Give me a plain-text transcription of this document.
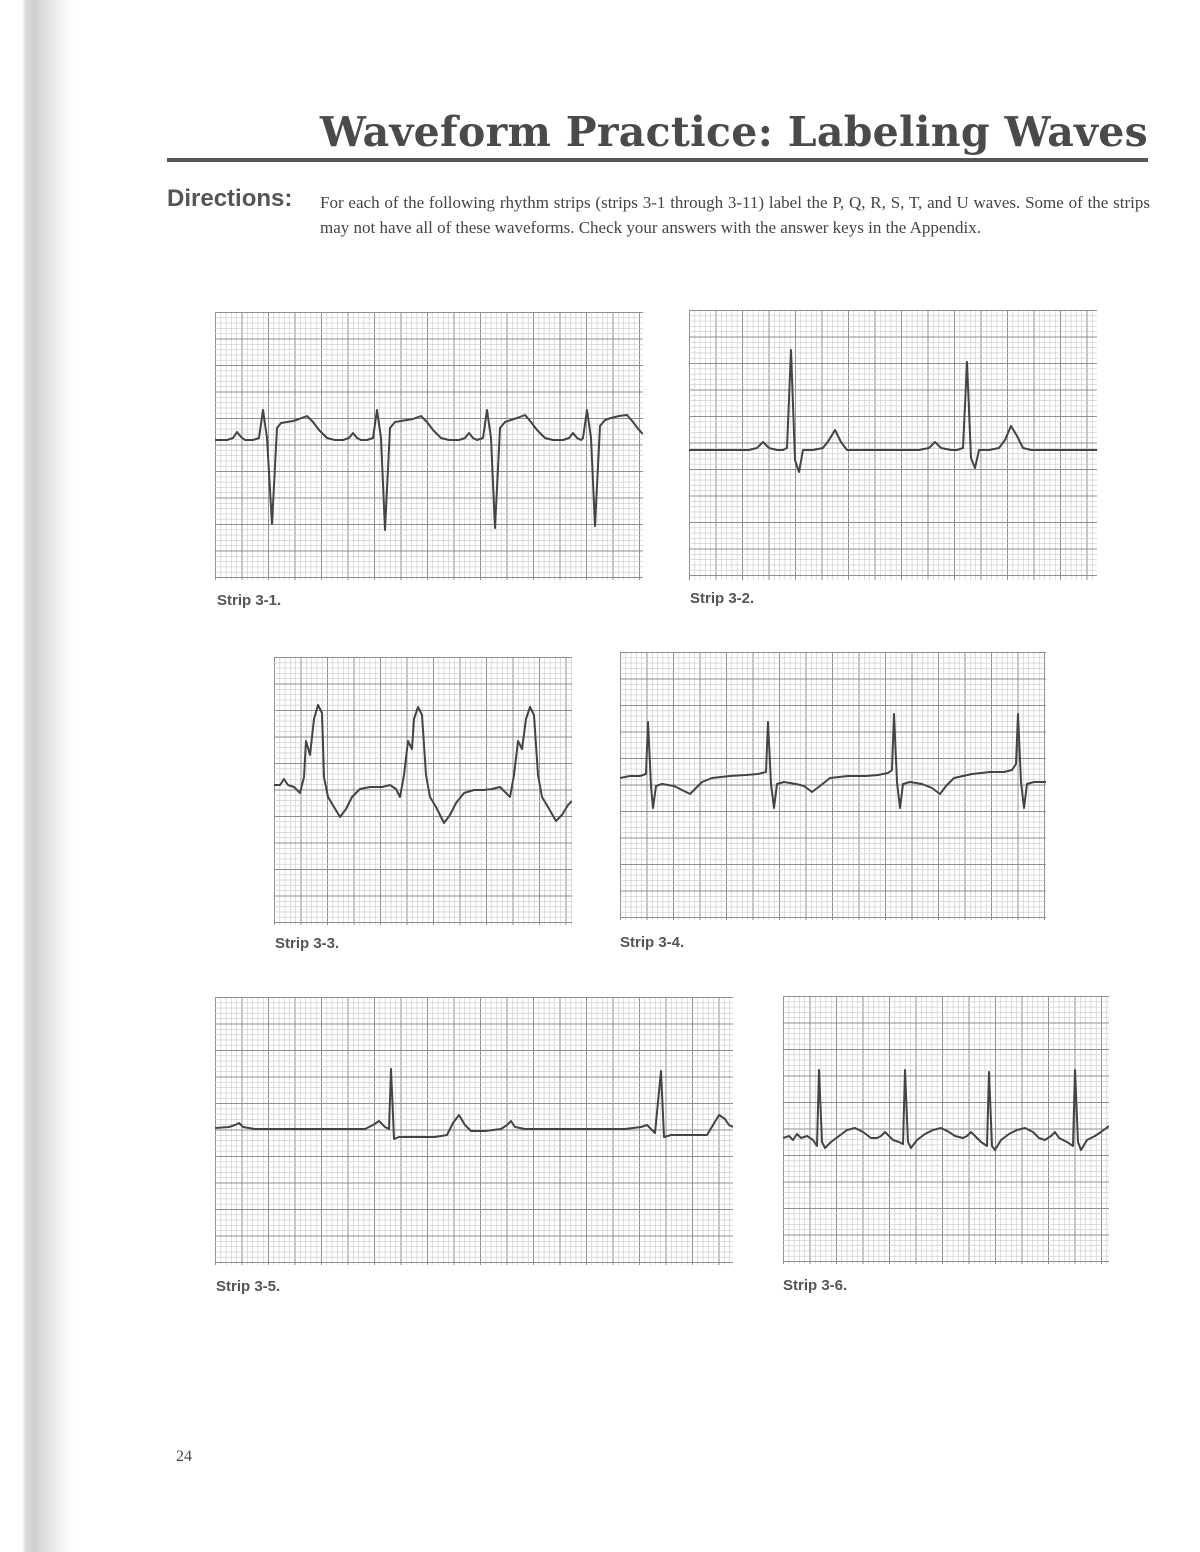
Waveform Practice: Labeling Waves
Directions: For each of the following rhythm strips (strips 3-1 through 3-11) label the P, Q, R, S, T, and U waves. Some of the strips may not have all of these waveforms. Check your answers with the answer keys in the Appendix.
Strip 3-1.	Strip 3-2.
Strip 3-3.	Strip 3-4.
Strip 3-5.	Strip 3-6.
24
